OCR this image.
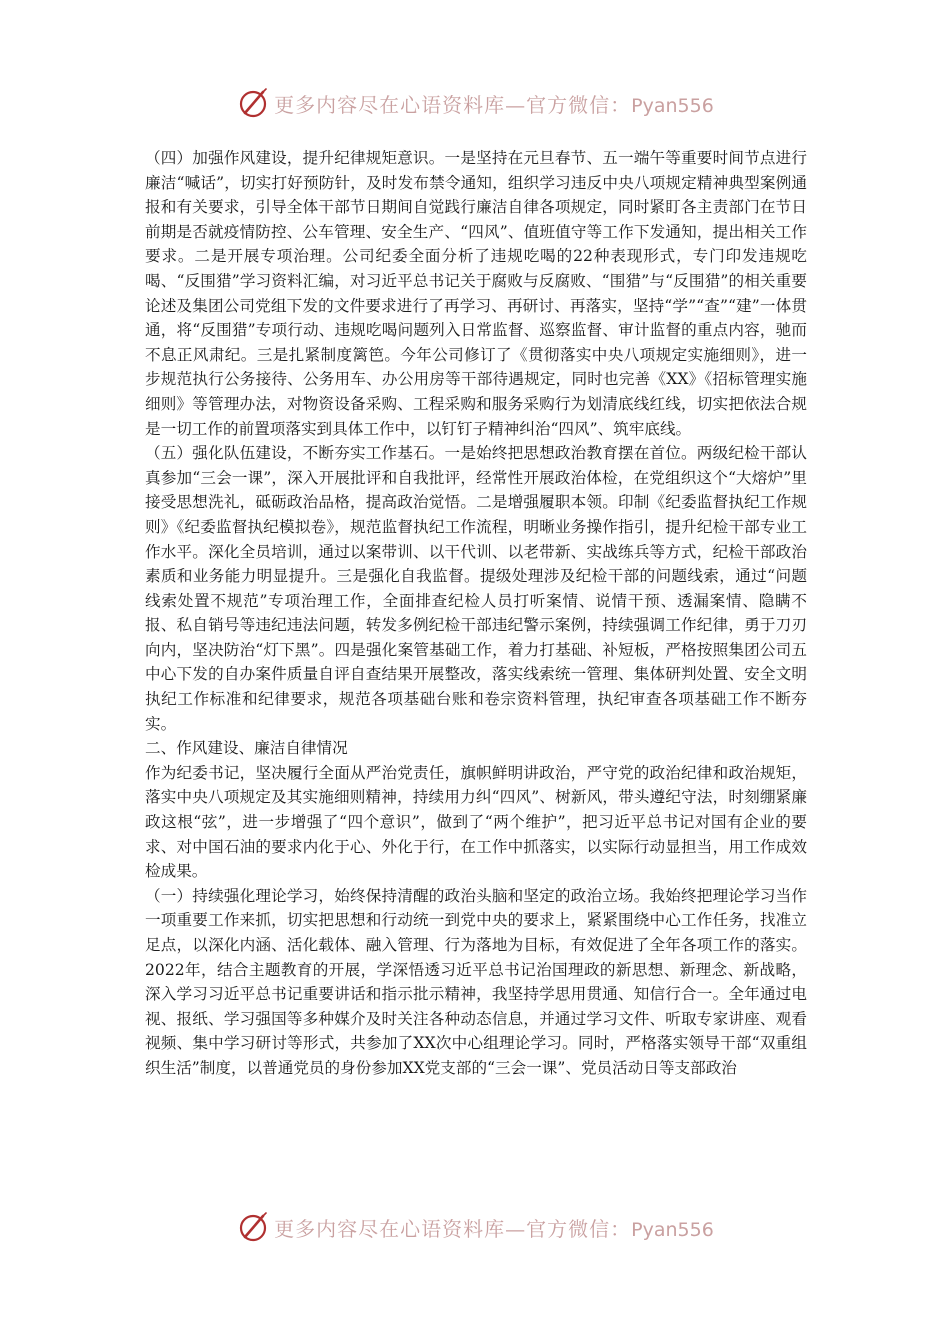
更多内容尽在心语资料库—官方微信：Pyan556

（四）加强作风建设，提升纪律规矩意识。一是坚持在元旦春节、五一端午等重要时间节点进行廉洁“喊话”，切实打好预防针，及时发布禁令通知，组织学习违反中央八项规定精神典型案例通报和有关要求，引导全体干部节日期间自觉践行廉洁自律各项规定，同时紧盯各主责部门在节日前期是否就疫情防控、公车管理、安全生产、“四风”、值班值守等工作下发通知，提出相关工作要求。二是开展专项治理。公司纪委全面分析了违规吃喝的22种表现形式，专门印发违规吃喝、“反围猎”学习资料汇编，对习近平总书记关于腐败与反腐败、“围猎”与“反围猎”的相关重要论述及集团公司党组下发的文件要求进行了再学习、再研讨、再落实，坚持“学”“查”“建”一体贯通，将“反围猎”专项行动、违规吃喝问题列入日常监督、巡察监督、审计监督的重点内容，驰而不息正风肃纪。三是扎紧制度篱笆。今年公司修订了《贯彻落实中央八项规定实施细则》，进一步规范执行公务接待、公务用车、办公用房等干部待遇规定，同时也完善《XX》《招标管理实施细则》等管理办法，对物资设备采购、工程采购和服务采购行为划清底线红线，切实把依法合规是一切工作的前置项落实到具体工作中，以钉钉子精神纠治“四风”、筑牢底线。

（五）强化队伍建设，不断夯实工作基石。一是始终把思想政治教育摆在首位。两级纪检干部认真参加“三会一课”，深入开展批评和自我批评，经常性开展政治体检，在党组织这个“大熔炉”里接受思想洗礼，砥砺政治品格，提高政治觉悟。二是增强履职本领。印制《纪委监督执纪工作规则》《纪委监督执纪模拟卷》，规范监督执纪工作流程，明晰业务操作指引，提升纪检干部专业工作水平。深化全员培训，通过以案带训、以干代训、以老带新、实战练兵等方式，纪检干部政治素质和业务能力明显提升。三是强化自我监督。提级处理涉及纪检干部的问题线索，通过“问题线索处置不规范”专项治理工作，全面排查纪检人员打听案情、说情干预、透漏案情、隐瞒不报、私自销号等违纪违法问题，转发多例纪检干部违纪警示案例，持续强调工作纪律，勇于刀刃向内，坚决防治“灯下黑”。四是强化案管基础工作，着力打基础、补短板，严格按照集团公司五中心下发的自办案件质量自评自查结果开展整改，落实线索统一管理、集体研判处置、安全文明执纪工作标准和纪律要求，规范各项基础台账和卷宗资料管理，执纪审查各项基础工作不断夯实。

二、作风建设、廉洁自律情况

作为纪委书记，坚决履行全面从严治党责任，旗帜鲜明讲政治，严守党的政治纪律和政治规矩，落实中央八项规定及其实施细则精神，持续用力纠“四风”、树新风，带头遵纪守法，时刻绷紧廉政这根“弦”，进一步增强了“四个意识”，做到了“两个维护”，把习近平总书记对国有企业的要求、对中国石油的要求内化于心、外化于行，在工作中抓落实，以实际行动显担当，用工作成效检成果。

（一）持续强化理论学习，始终保持清醒的政治头脑和坚定的政治立场。我始终把理论学习当作一项重要工作来抓，切实把思想和行动统一到党中央的要求上，紧紧围绕中心工作任务，找准立足点，以深化内涵、活化载体、融入管理、行为落地为目标，有效促进了全年各项工作的落实。2022年，结合主题教育的开展，学深悟透习近平总书记治国理政的新思想、新理念、新战略，深入学习习近平总书记重要讲话和指示批示精神，我坚持学思用贯通、知信行合一。全年通过电视、报纸、学习强国等多种媒介及时关注各种动态信息，并通过学习文件、听取专家讲座、观看视频、集中学习研讨等形式，共参加了XX次中心组理论学习。同时，严格落实领导干部“双重组织生活”制度，以普通党员的身份参加XX党支部的“三会一课”、党员活动日等支部政治

更多内容尽在心语资料库—官方微信：Pyan556
